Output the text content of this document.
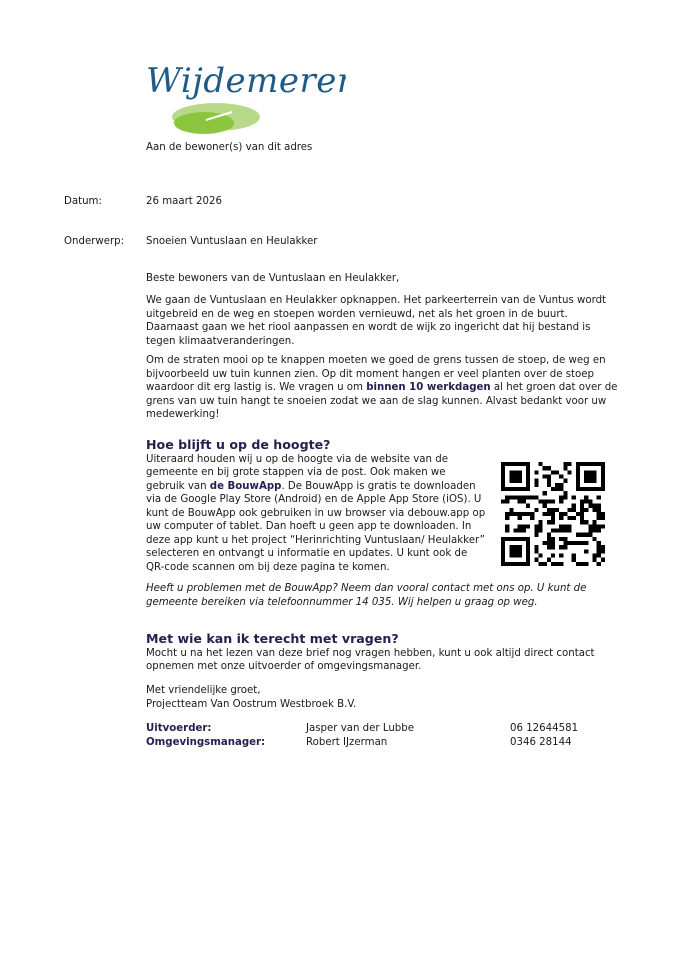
Wijdemeren
Aan de bewoner(s) van dit adres
Datum:	26 maart 2026
Onderwerp: Snoeien Vuntuslaan en Heulakker
Beste bewoners van de Vuntuslaan en Heulakker,

We gaan de Vuntuslaan en Heulakker opknappen. Het parkeerterrein van de Vuntus wordt uitgebreid en de weg en stoepen worden vernieuwd, net als het groen in de buurt. Daarnaast gaan we het riool aanpassen en wordt de wijk zo ingericht dat hij bestand is tegen klimaatveranderingen.

Om de straten mooi op te knappen moeten we goed de grens tussen de stoep, de weg en bijvoorbeeld uw tuin kunnen zien. Op dit moment hangen er veel planten over de stoep waardoor dit erg lastig is. We vragen u om binnen 10 werkdagen al het groen dat over de grens van uw tuin hangt te snoeien zodat we aan de slag kunnen. Alvast bedankt voor uw medewerking!

Hoe blijft u op de hoogte?

Uiteraard houden wij u op de hoogte via de website van de gemeente en bij grote stappen via de post. Ook maken we gebruik van de BouwApp. De BouwApp is gratis te downloaden via de Google Play Store (Android) en de Apple App Store (iOS). U kunt de BouwApp ook gebruiken in uw browser via debouw.app op uw computer of tablet. Dan hoeft u geen app te downloaden. In deze app kunt u het project “Herinrichting Vuntuslaan/ Heulakker” selecteren en ontvangt u informatie en updates. U kunt ook de QR-code scannen om bij deze pagina te komen.

Heeft u problemen met de BouwApp? Neem dan vooral contact met ons op. U kunt de gemeente bereiken via telefoonnummer 14 035. Wij helpen u graag op weg.

Met wie kan ik terecht met vragen?

Mocht u na het lezen van deze brief nog vragen hebben, kunt u ook altijd direct contact opnemen met onze uitvoerder of omgevingsmanager.

Met vriendelijke groet,
Projectteam Van Oostrum Westbroek B.V.
Uitvoerder:	Jasper van der Lubbe	06 12644581
Omgevingsmanager:	Robert IJzerman	0346 28144
